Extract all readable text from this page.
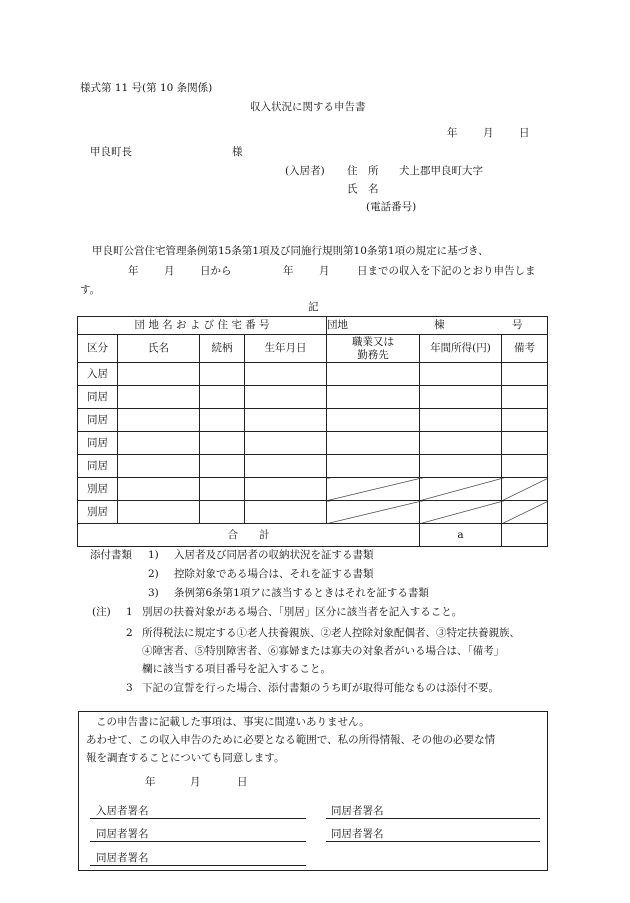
様式第 11 号(第 10 条関係)
収入状況に関する申告書
年 月 日
甲良町長	様
(入居者) 住　所 犬上郡甲良町大字
氏　名
(電話番号)
甲良町公営住宅管理条例第15条第1項及び同施行規則第10条第1項の規定に基づき、
年 月 日から	年 月	日までの収入を下記のとおり申告しま
す。
記
団 地 名 お よ び 住 宅 番 号				団地 棟 号		

区分	氏名	続柄	生年月日	職業又は
勤務先	年間所得(円)	備考
入居						
同居						
同居						
同居						
同居						
別居						
別居						
合　　計					a	
添付書類 1) 入居者及び同居者の収納状況を証する書類
2) 控除対象である場合は、それを証する書類
3) 条例第6条第1項アに該当するときはそれを証する書類
(注) 1 別居の扶養対象がある場合、「別居」区分に該当者を記入すること。
2 所得税法に規定する①老人扶養親族、②老人控除対象配偶者、③特定扶養親族、
④障害者、⑤特別障害者、⑥寡婦または寡夫の対象者がいる場合は、「備考」
欄に該当する項目番号を記入すること。
3 下記の宣誓を行った場合、添付書類のうち町が取得可能なものは添付不要。
この申告書に記載した事項は、事実に間違いありません。
あわせて、この収入申告のために必要となる範囲で、私の所得情報、その他の必要な情
報を調査することについても同意します。
年	月	日
入居者署名	同居者署名
同居者署名	同居者署名
同居者署名
